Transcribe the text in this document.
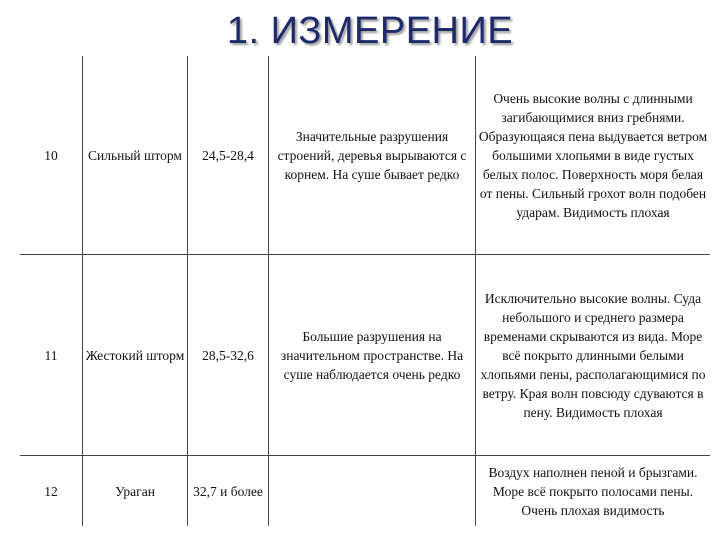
1. ИЗМЕРЕНИЕ
10	Сильный шторм	24,5-28,4	Значительные разрушения строений, деревья вырываются с корнем. На суше бывает редко	Очень высокие волны с длинными загибающимися вниз гребнями. Образующаяся пена выдувается ветром большими хлопьями в виде густых белых полос. Поверхность моря белая от пены. Сильный грохот волн подобен ударам. Видимость плохая
11	Жестокий шторм	28,5-32,6	Большие разрушения на значительном пространстве. На суше наблюдается очень редко	Исключительно высокие волны. Суда небольшого и среднего размера временами скрываются из вида. Море всё покрыто длинными белыми хлопьями пены, располагающимися по ветру. Края волн повсюду сдуваются в пену. Видимость плохая
12	Ураган	32,7 и более		Воздух наполнен пеной и брызгами. Море всё покрыто полосами пены. Очень плохая видимость
